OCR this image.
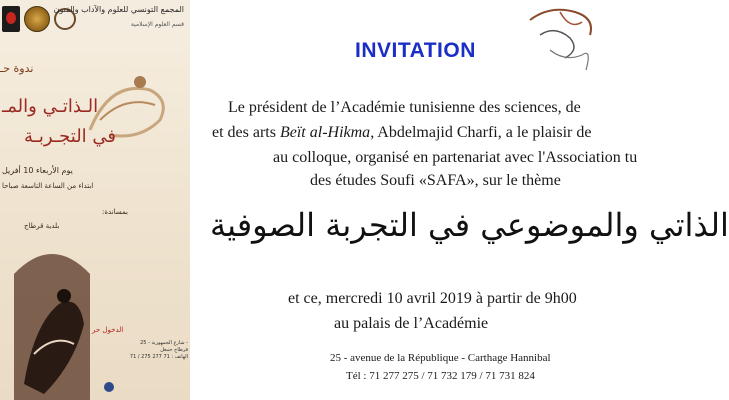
المجمع التونسي للعلوم والآداب والفنون
قسم العلوم الإسلامية
ندوة حـ
الـذاتـي والمـ
في التجـربـة
يوم الأربعاء 10 أفريل
ابتداء من الساعة التاسعة صباحا
بمساندة:
بلدية قرطاج
الدخول حر
25 - شارع الجمهورية -
قرطاج حنبعل
الهاتف : 71 277 275 / 71
INVITATION
Le président de l’Académie tunisienne des sciences, de
et des arts Beït al-Hikma, Abdelmajid Charfi, a le plaisir de
au colloque, organisé en partenariat avec l'Association tu
des études Soufi «SAFA», sur le thème
الذاتي والموضوعي في التجربة الصوفية
et ce, mercredi 10 avril 2019 à partir de 9h00
au palais de l’Académie
25 - avenue de la République - Carthage Hannibal
Tél : 71 277 275 / 71 732 179 / 71 731 824
